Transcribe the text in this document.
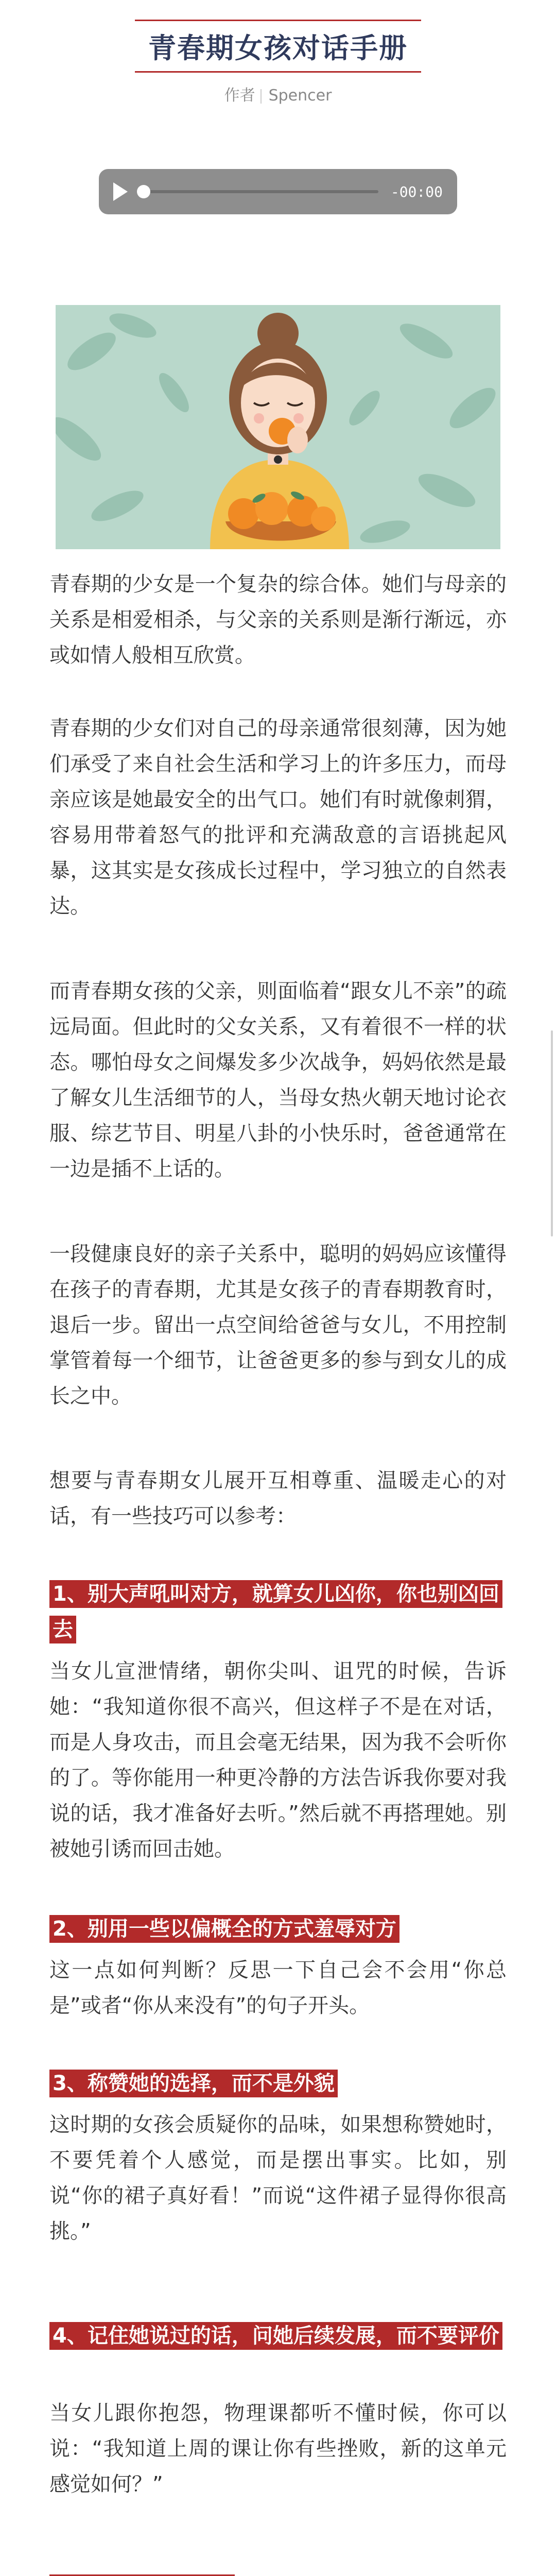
青春期女孩对话手册
作者 Spencer
-00:00

青春期的少女是一个复杂的综合体。她们与母亲的关系是相爱相杀，与父亲的关系则是渐行渐远，亦或如情人般相互欣赏。

青春期的少女们对自己的母亲通常很刻薄，因为她们承受了来自社会生活和学习上的许多压力，而母亲应该是她最安全的出气口。她们有时就像刺猬，容易用带着怒气的批评和充满敌意的言语挑起风暴，这其实是女孩成长过程中，学习独立的自然表达。

而青春期女孩的父亲，则面临着“跟女儿不亲”的疏远局面。但此时的父女关系，又有着很不一样的状态。哪怕母女之间爆发多少次战争，妈妈依然是最了解女儿生活细节的人，当母女热火朝天地讨论衣服、综艺节目、明星八卦的小快乐时，爸爸通常在一边是插不上话的。

一段健康良好的亲子关系中，聪明的妈妈应该懂得在孩子的青春期，尤其是女孩子的青春期教育时，退后一步。留出一点空间给爸爸与女儿，不用控制掌管着每一个细节，让爸爸更多的参与到女儿的成长之中。

想要与青春期女儿展开互相尊重、温暖走心的对话，有一些技巧可以参考：

1、别大声吼叫对方，就算女儿凶你，你也别凶回去

当女儿宣泄情绪，朝你尖叫、诅咒的时候，告诉她：“我知道你很不高兴，但这样子不是在对话，而是人身攻击，而且会毫无结果，因为我不会听你的了。等你能用一种更冷静的方法告诉我你要对我说的话，我才准备好去听。”然后就不再搭理她。别被她引诱而回击她。

2、别用一些以偏概全的方式羞辱对方

这一点如何判断？反思一下自己会不会用“你总是”或者“你从来没有”的句子开头。

3、称赞她的选择，而不是外貌

这时期的女孩会质疑你的品味，如果想称赞她时，不要凭着个人感觉，而是摆出事实。比如，别说“你的裙子真好看！”而说“这件裙子显得你很高挑。”

4、记住她说过的话，问她后续发展，而不要评价

当女儿跟你抱怨，物理课都听不懂时候，你可以说：“我知道上周的课让你有些挫败，新的这单元感觉如何？”
